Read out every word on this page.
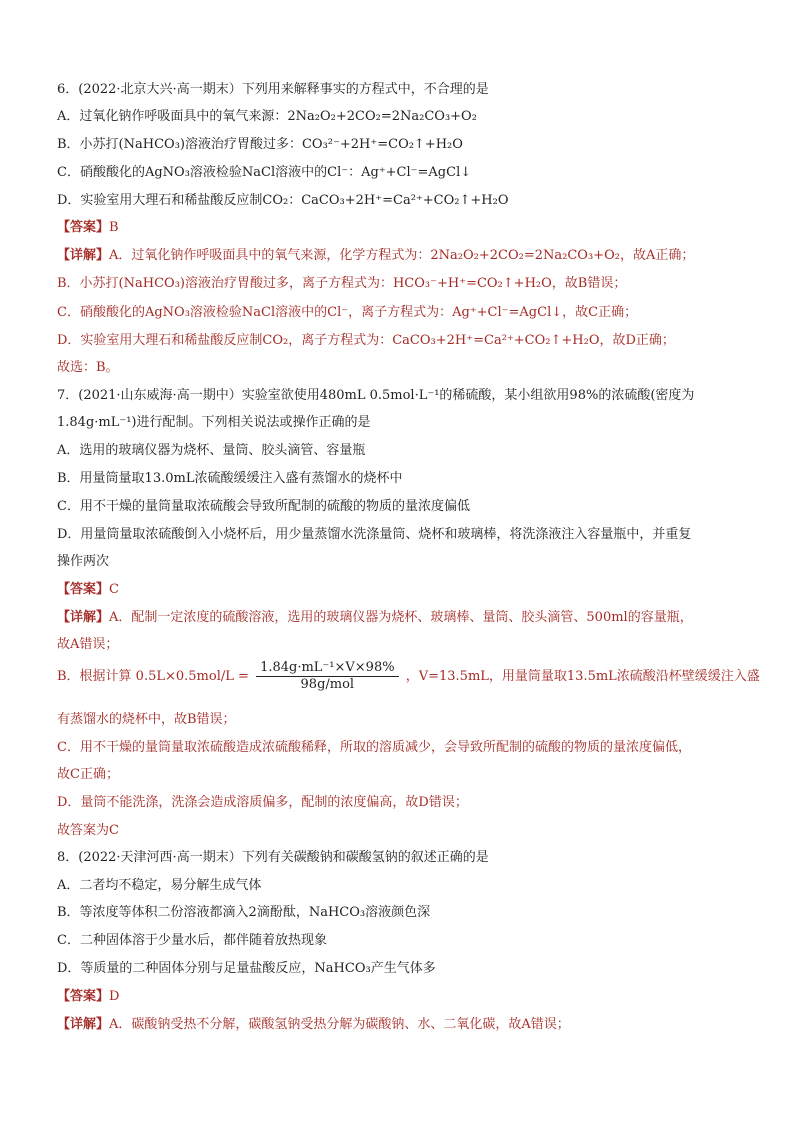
6．(2022·北京大兴·高一期末）下列用来解释事实的方程式中，不合理的是
A．过氧化钠作呼吸面具中的氧气来源：2Na₂O₂+2CO₂=2Na₂CO₃+O₂
B．小苏打(NaHCO₃)溶液治疗胃酸过多：CO₃²⁻+2H⁺=CO₂↑+H₂O
C．硝酸酸化的AgNO₃溶液检验NaCl溶液中的Cl⁻：Ag⁺+Cl⁻=AgCl↓
D．实验室用大理石和稀盐酸反应制CO₂：CaCO₃+2H⁺=Ca²⁺+CO₂↑+H₂O
【答案】B
【详解】A．过氧化钠作呼吸面具中的氧气来源，化学方程式为：2Na₂O₂+2CO₂=2Na₂CO₃+O₂，故A正确；
B．小苏打(NaHCO₃)溶液治疗胃酸过多，离子方程式为：HCO₃⁻+H⁺=CO₂↑+H₂O，故B错误；
C．硝酸酸化的AgNO₃溶液检验NaCl溶液中的Cl⁻，离子方程式为：Ag⁺+Cl⁻=AgCl↓，故C正确；
D．实验室用大理石和稀盐酸反应制CO₂，离子方程式为：CaCO₃+2H⁺=Ca²⁺+CO₂↑+H₂O，故D正确；
故选：B。
7．(2021·山东威海·高一期中）实验室欲使用480mL 0.5mol·L⁻¹的稀硫酸，某小组欲用98%的浓硫酸(密度为
1.84g·mL⁻¹)进行配制。下列相关说法或操作正确的是
A．选用的玻璃仪器为烧杯、量筒、胶头滴管、容量瓶
B．用量筒量取13.0mL浓硫酸缓缓注入盛有蒸馏水的烧杯中
C．用不干燥的量筒量取浓硫酸会导致所配制的硫酸的物质的量浓度偏低
D．用量筒量取浓硫酸倒入小烧杯后，用少量蒸馏水洗涤量筒、烧杯和玻璃棒，将洗涤液注入容量瓶中，并重复
操作两次
【答案】C
【详解】A．配制一定浓度的硫酸溶液，选用的玻璃仪器为烧杯、玻璃棒、量筒、胶头滴管、500ml的容量瓶，
故A错误；
B．根据计算 $0.5L\times 0.5mol/L = \frac{\text{1.84g·mL⁻¹×V×98\%}}{\text{98g/mol}}$ ，V=13.5mL，用量筒量取13.5mL浓硫酸沿杯壁缓缓注入盛
有蒸馏水的烧杯中，故B错误；
C．用不干燥的量筒量取浓硫酸造成浓硫酸稀释，所取的溶质减少，会导致所配制的硫酸的物质的量浓度偏低，
故C正确；
D．量筒不能洗涤，洗涤会造成溶质偏多，配制的浓度偏高，故D错误；
故答案为C
8．(2022·天津河西·高一期末）下列有关碳酸钠和碳酸氢钠的叙述正确的是
A．二者均不稳定，易分解生成气体
B．等浓度等体积二份溶液都滴入2滴酚酞，NaHCO₃溶液颜色深
C．二种固体溶于少量水后，都伴随着放热现象
D．等质量的二种固体分别与足量盐酸反应，NaHCO₃产生气体多
【答案】D
【详解】A．碳酸钠受热不分解，碳酸氢钠受热分解为碳酸钠、水、二氧化碳，故A错误；
